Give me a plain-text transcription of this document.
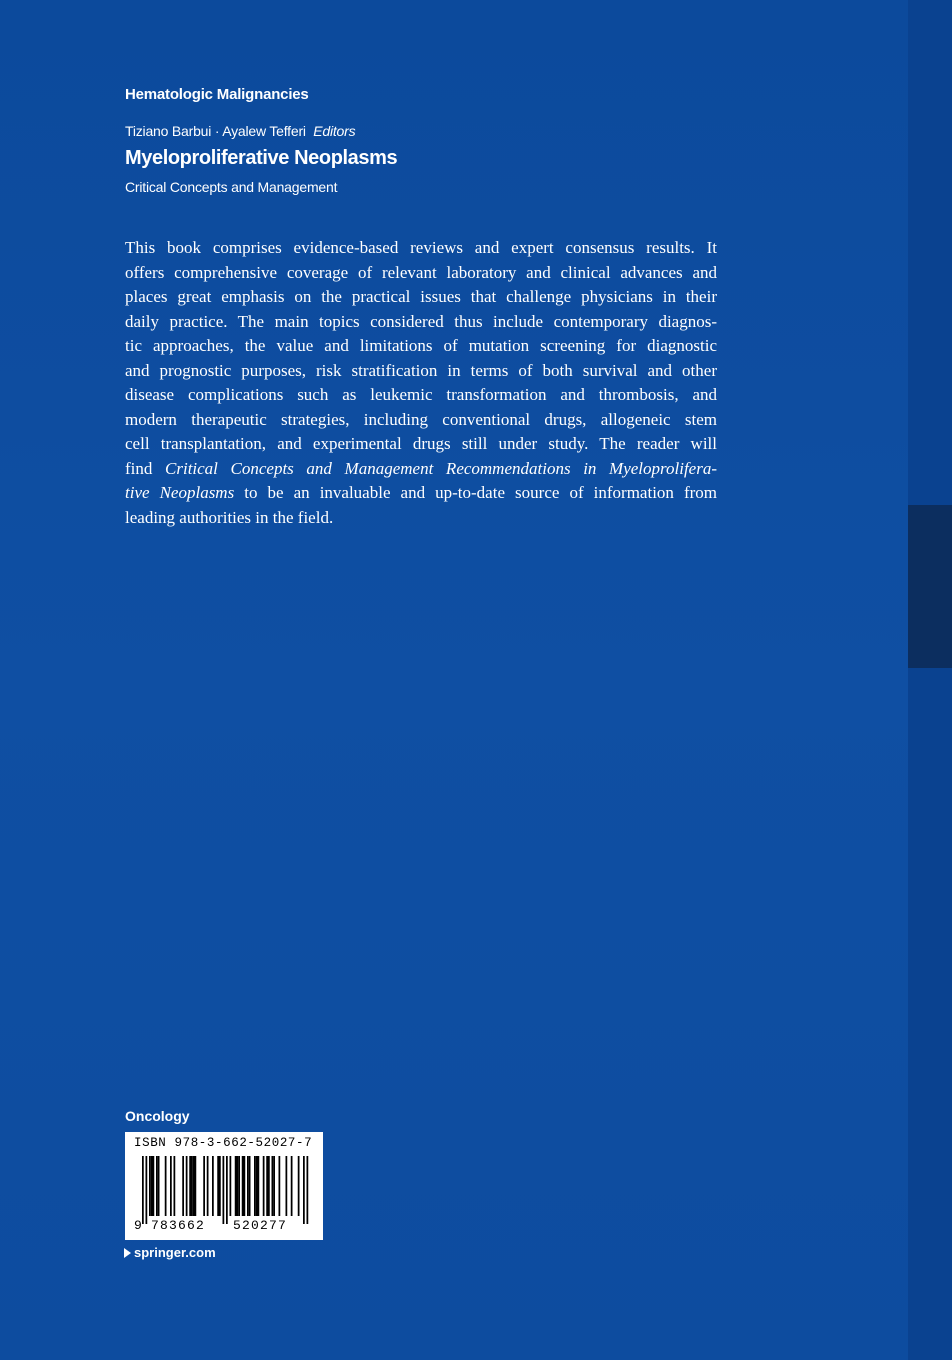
Hematologic Malignancies
Tiziano Barbui · Ayalew Tefferi Editors
Myeloproliferative Neoplasms
Critical Concepts and Management
This book comprises evidence-based reviews and expert consensus results. It
offers comprehensive coverage of relevant laboratory and clinical advances and
places great emphasis on the practical issues that challenge physicians in their
daily practice. The main topics considered thus include contemporary diagnos-
tic approaches, the value and limitations of mutation screening for diagnostic
and prognostic purposes, risk stratification in terms of both survival and other
disease complications such as leukemic transformation and thrombosis, and
modern therapeutic strategies, including conventional drugs, allogeneic stem
cell transplantation, and experimental drugs still under study. The reader will
find Critical Concepts and Management Recommendations in Myeloprolifera-
tive Neoplasms to be an invaluable and up-to-date source of information from
leading authorities in the field.
Oncology
ISBN 978-3-662-52027-7
9 783662 520277
springer.com
